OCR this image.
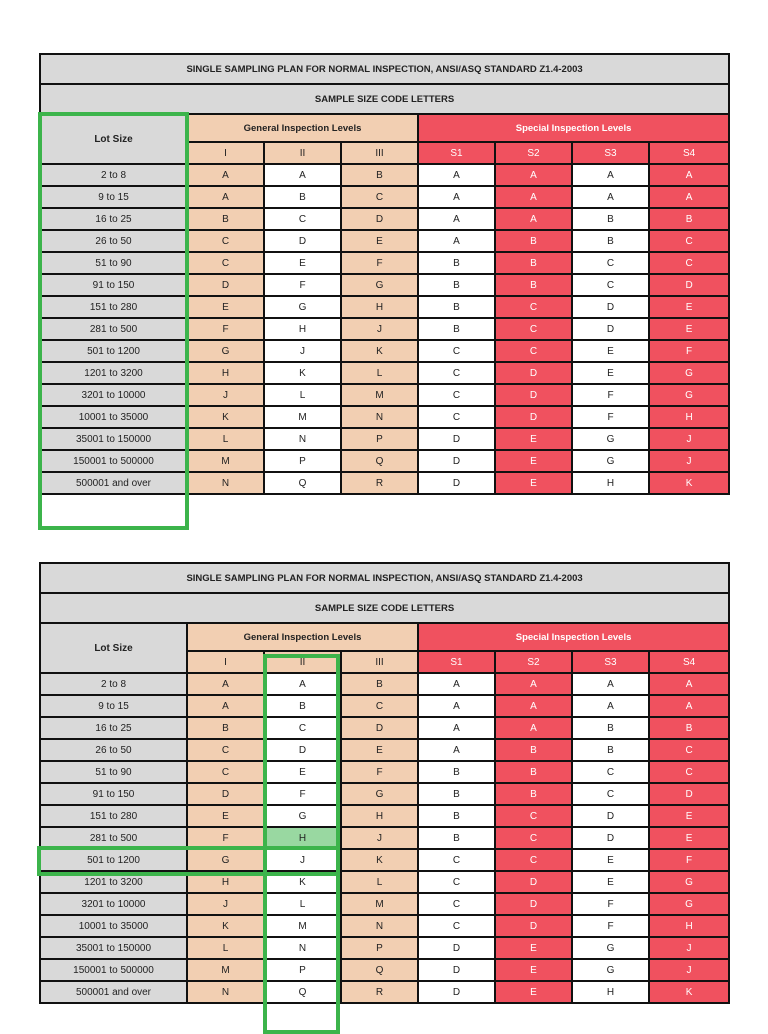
SINGLE SAMPLING PLAN FOR NORMAL INSPECTION, ANSI/ASQ STANDARD Z1.4-2003							
SAMPLE SIZE CODE LETTERS							
Lot Size	General Inspection Levels			Special Inspection Levels			
	I	II	III	S1	S2	S3	S4
2 to 8	A	A	B	A	A	A	A
9 to 15	A	B	C	A	A	A	A
16 to 25	B	C	D	A	A	B	B
26 to 50	C	D	E	A	B	B	C
51 to 90	C	E	F	B	B	C	C
91 to 150	D	F	G	B	B	C	D
151 to 280	E	G	H	B	C	D	E
281 to 500	F	H	J	B	C	D	E
501 to 1200	G	J	K	C	C	E	F
1201 to 3200	H	K	L	C	D	E	G
3201 to 10000	J	L	M	C	D	F	G
10001 to 35000	K	M	N	C	D	F	H
35001 to 150000	L	N	P	D	E	G	J
150001 to 500000	M	P	Q	D	E	G	J
500001 and over	N	Q	R	D	E	H	K
SINGLE SAMPLING PLAN FOR NORMAL INSPECTION, ANSI/ASQ STANDARD Z1.4-2003							
SAMPLE SIZE CODE LETTERS							
Lot Size	General Inspection Levels			Special Inspection Levels			
	I	II	III	S1	S2	S3	S4
2 to 8	A	A	B	A	A	A	A
9 to 15	A	B	C	A	A	A	A
16 to 25	B	C	D	A	A	B	B
26 to 50	C	D	E	A	B	B	C
51 to 90	C	E	F	B	B	C	C
91 to 150	D	F	G	B	B	C	D
151 to 280	E	G	H	B	C	D	E
281 to 500	F	H	J	B	C	D	E
501 to 1200	G	J	K	C	C	E	F
1201 to 3200	H	K	L	C	D	E	G
3201 to 10000	J	L	M	C	D	F	G
10001 to 35000	K	M	N	C	D	F	H
35001 to 150000	L	N	P	D	E	G	J
150001 to 500000	M	P	Q	D	E	G	J
500001 and over	N	Q	R	D	E	H	K
